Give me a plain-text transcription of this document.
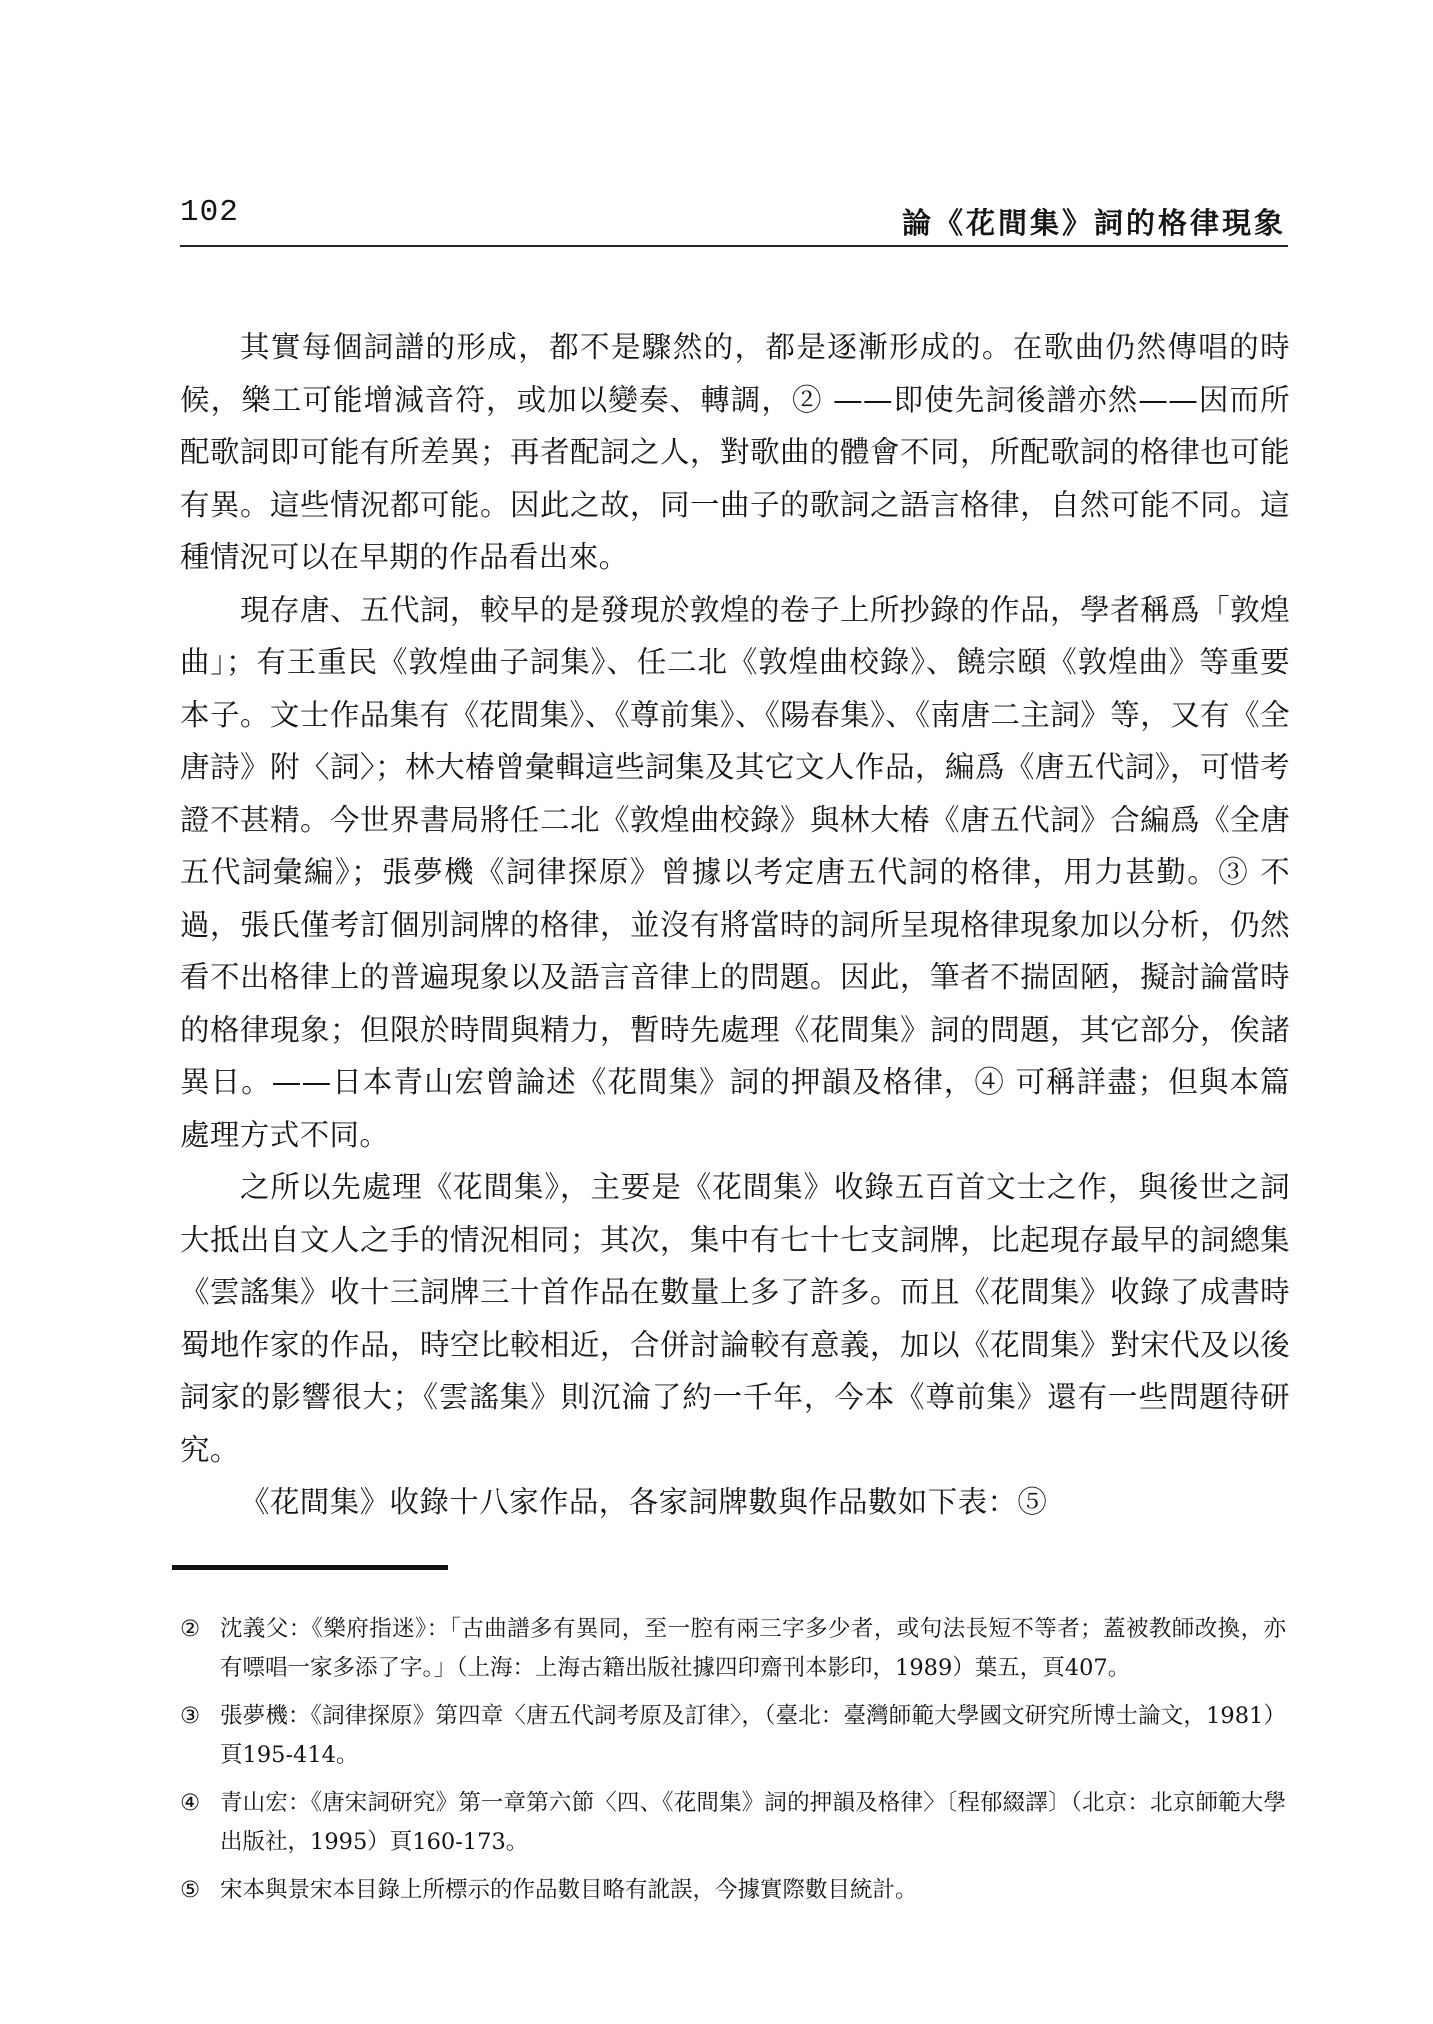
102	論《花間集》詞的格律現象

其實每個詞譜的形成，都不是驟然的，都是逐漸形成的。在歌曲仍然傳唱的時候，樂工可能增減音符，或加以變奏、轉調，② ——即使先詞後譜亦然——因而所配歌詞即可能有所差異；再者配詞之人，對歌曲的體會不同，所配歌詞的格律也可能有異。這些情況都可能。因此之故，同一曲子的歌詞之語言格律，自然可能不同。這種情況可以在早期的作品看出來。

現存唐、五代詞，較早的是發現於敦煌的卷子上所抄錄的作品，學者稱爲「敦煌曲」；有王重民《敦煌曲子詞集》、任二北《敦煌曲校錄》、饒宗頤《敦煌曲》等重要本子。文士作品集有《花間集》、《尊前集》、《陽春集》、《南唐二主詞》等，又有《全唐詩》附〈詞〉；林大椿曾彙輯這些詞集及其它文人作品，編爲《唐五代詞》，可惜考證不甚精。今世界書局將任二北《敦煌曲校錄》與林大椿《唐五代詞》合編爲《全唐五代詞彙編》；張夢機《詞律探原》曾據以考定唐五代詞的格律，用力甚勤。③ 不過，張氏僅考訂個別詞牌的格律，並沒有將當時的詞所呈現格律現象加以分析，仍然看不出格律上的普遍現象以及語言音律上的問題。因此，筆者不揣固陋，擬討論當時的格律現象；但限於時間與精力，暫時先處理《花間集》詞的問題，其它部分，俟諸異日。——日本青山宏曾論述《花間集》詞的押韻及格律，④ 可稱詳盡；但與本篇處理方式不同。

之所以先處理《花間集》，主要是《花間集》收錄五百首文士之作，與後世之詞大抵出自文人之手的情況相同；其次，集中有七十七支詞牌，比起現存最早的詞總集《雲謠集》收十三詞牌三十首作品在數量上多了許多。而且《花間集》收錄了成書時蜀地作家的作品，時空比較相近，合併討論較有意義，加以《花間集》對宋代及以後詞家的影響很大；《雲謠集》則沉淪了約一千年，今本《尊前集》還有一些問題待研究。

《花間集》收錄十八家作品，各家詞牌數與作品數如下表：⑤

② 沈義父：《樂府指迷》：「古曲譜多有異同，至一腔有兩三字多少者，或句法長短不等者；蓋被教師改換，亦有嘌唱一家多添了字。」（上海：上海古籍出版社據四印齋刊本影印，1989）葉五，頁407。
③ 張夢機：《詞律探原》第四章〈唐五代詞考原及訂律〉，（臺北：臺灣師範大學國文研究所博士論文，1981）頁195-414。
④ 青山宏：《唐宋詞研究》第一章第六節〈四、《花間集》詞的押韻及格律〉〔程郁綴譯〕（北京：北京師範大學出版社，1995）頁160-173。
⑤ 宋本與景宋本目錄上所標示的作品數目略有訛誤，今據實際數目統計。
